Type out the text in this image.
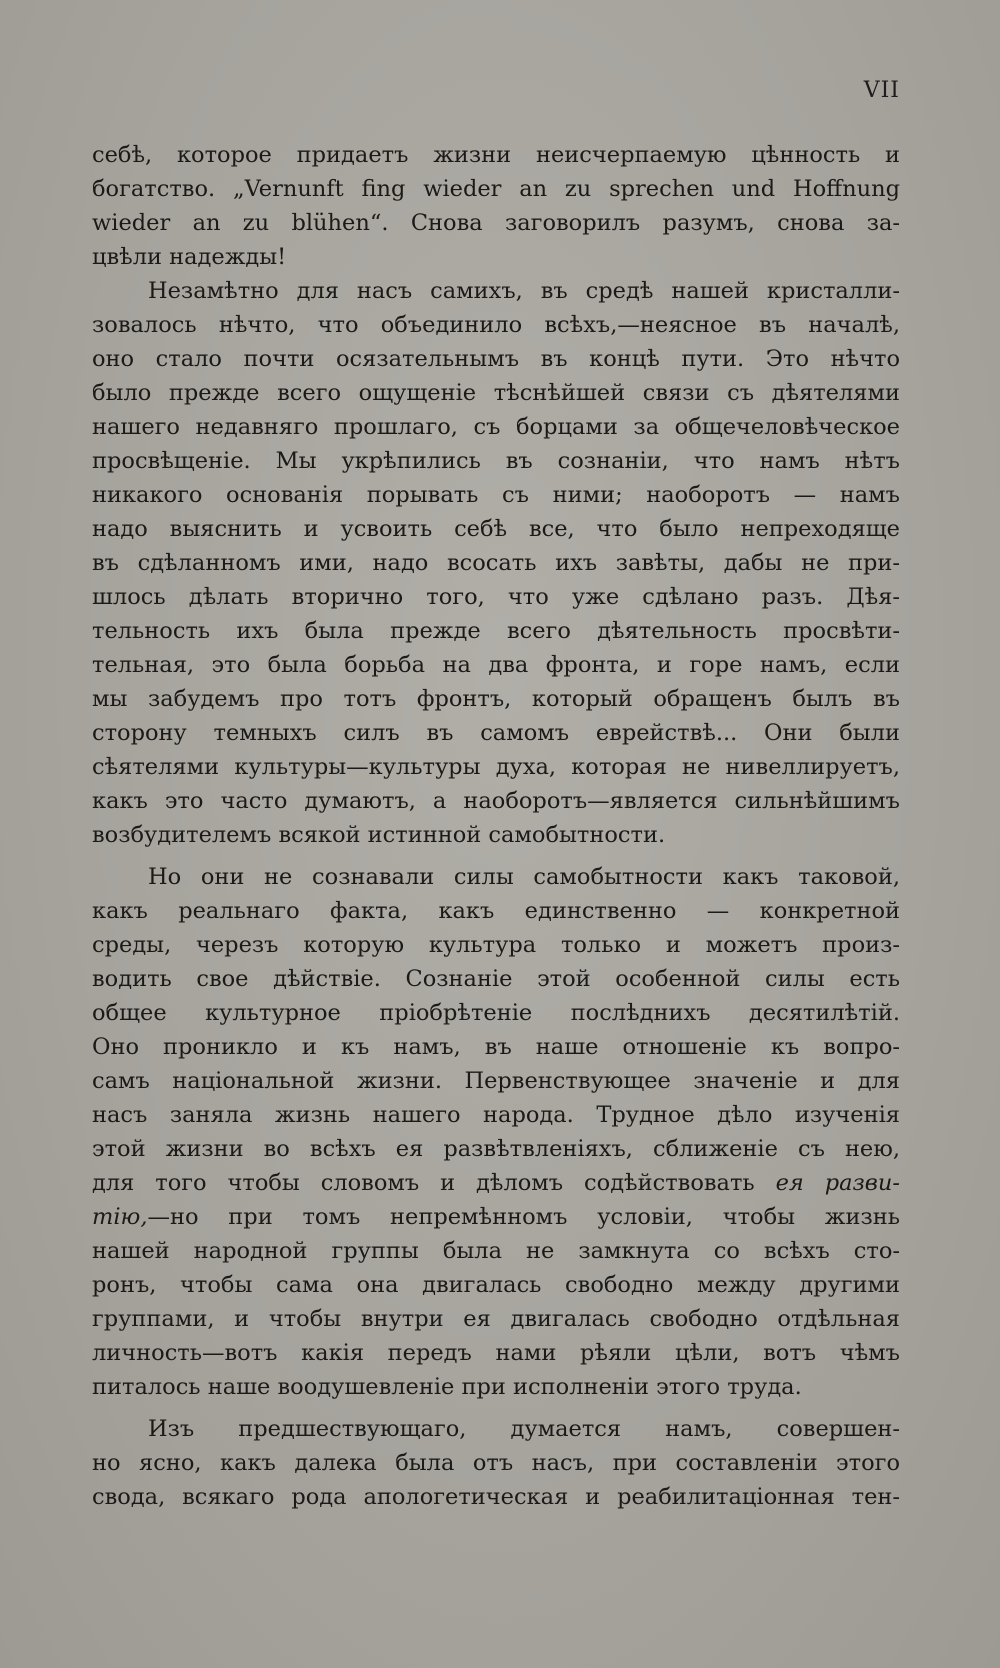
VII
себѣ, которое придаетъ жизни неисчерпаемую цѣнность и
богатство. „Vernunft fing wieder an zu sprechen und Hoffnung
wieder an zu blühen“. Снова заговорилъ разумъ, снова за-
цвѣли надежды!
Незамѣтно для насъ самихъ, въ средѣ нашей кристалли-
зовалось нѣчто, что объединило всѣхъ,—неясное въ началѣ,
оно стало почти осязательнымъ въ концѣ пути. Это нѣчто
было прежде всего ощущенiе тѣснѣйшей связи съ дѣятелями
нашего недавняго прошлаго, съ борцами за общечеловѣческое
просвѣщенiе. Мы укрѣпились въ сознанiи, что намъ нѣтъ
никакого основанiя порывать съ ними; наоборотъ — намъ
надо выяснить и усвоить себѣ все, что было непреходяще
въ сдѣланномъ ими, надо всосать ихъ завѣты, дабы не при-
шлось дѣлать вторично того, что уже сдѣлано разъ. Дѣя-
тельность ихъ была прежде всего дѣятельность просвѣти-
тельная, это была борьба на два фронта, и горе намъ, если
мы забудемъ про тотъ фронтъ, который обращенъ былъ въ
сторону темныхъ силъ въ самомъ еврействѣ... Они были
сѣятелями культуры—культуры духа, которая не нивеллируетъ,
какъ это часто думаютъ, а наоборотъ—является сильнѣйшимъ
возбудителемъ всякой истинной самобытности.
Но они не сознавали силы самобытности какъ таковой,
какъ реальнаго факта, какъ единственно — конкретной
среды, черезъ которую культура только и можетъ произ-
водить свое дѣйствiе. Сознанiе этой особенной силы есть
общее культурное прiобрѣтенiе послѣднихъ десятилѣтiй.
Оно проникло и къ намъ, въ наше отношенiе къ вопро-
самъ нацiональной жизни. Первенствующее значенiе и для
насъ заняла жизнь нашего народа. Трудное дѣло изученiя
этой жизни во всѣхъ ея развѣтвленiяхъ, сближенiе съ нею,
для того чтобы словомъ и дѣломъ содѣйствовать ея разви-
тiю,—но при томъ непремѣнномъ условiи, чтобы жизнь
нашей народной группы была не замкнута со всѣхъ сто-
ронъ, чтобы сама она двигалась свободно между другими
группами, и чтобы внутри ея двигалась свободно отдѣльная
личность—вотъ какiя передъ нами рѣяли цѣли, вотъ чѣмъ
питалось наше воодушевленiе при исполненiи этого труда.
Изъ предшествующаго, думается намъ, совершен-
но ясно, какъ далека была отъ насъ, при составленiи этого
свода, всякаго рода апологетическая и реабилитацiонная тен-
